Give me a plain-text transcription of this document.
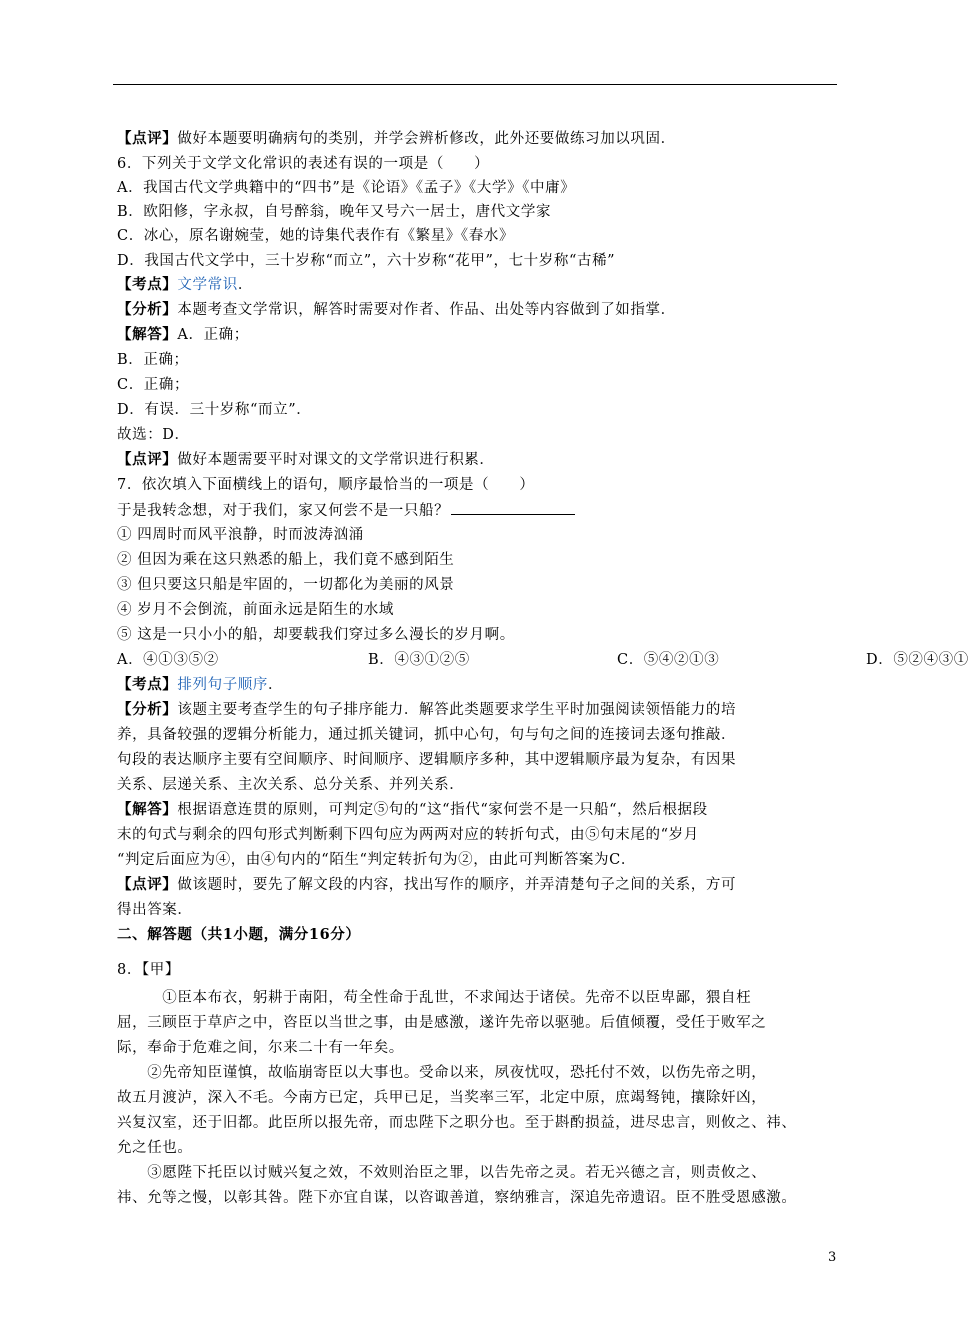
【点评】做好本题要明确病句的类别，并学会辨析修改，此外还要做练习加以巩固．
6．下列关于文学文化常识的表述有误的一项是（　　）
A．我国古代文学典籍中的“四书”是《论语》《孟子》《大学》《中庸》
B．欧阳修，字永叔，自号醉翁，晚年又号六一居士，唐代文学家
C．冰心，原名谢婉莹，她的诗集代表作有《繁星》《春水》
D．我国古代文学中，三十岁称“而立”，六十岁称“花甲”，七十岁称“古稀”
【考点】文学常识．
【分析】本题考查文学常识，解答时需要对作者、作品、出处等内容做到了如指掌．
【解答】A．正确；
B．正确；
C．正确；
D．有误．三十岁称“而立”．
故选：D．
【点评】做好本题需要平时对课文的文学常识进行积累．
7．依次填入下面横线上的语句，顺序最恰当的一项是（　　）
于是我转念想，对于我们，家又何尝不是一只船？
① 四周时而风平浪静，时而波涛汹涌
② 但因为乘在这只熟悉的船上，我们竟不感到陌生
③ 但只要这只船是牢固的，一切都化为美丽的风景
④ 岁月不会倒流，前面永远是陌生的水域
⑤ 这是一只小小的船，却要载我们穿过多么漫长的岁月啊。
A．④①③⑤②	B．④③①②⑤	C．⑤④②①③	D．⑤②④③①
【考点】排列句子顺序．
【分析】该题主要考查学生的句子排序能力．解答此类题要求学生平时加强阅读领悟能力的培
养，具备较强的逻辑分析能力，通过抓关键词，抓中心句，句与句之间的连接词去逐句推敲．
句段的表达顺序主要有空间顺序、时间顺序、逻辑顺序多种，其中逻辑顺序最为复杂，有因果
关系、层递关系、主次关系、总分关系、并列关系．
【解答】根据语意连贯的原则，可判定⑤句的“这“指代“家何尝不是一只船“，然后根据段
末的句式与剩余的四句形式判断剩下四句应为两两对应的转折句式，由⑤句末尾的“岁月
“判定后面应为④，由④句内的“陌生“判定转折句为②，由此可判断答案为C．
【点评】做该题时，要先了解文段的内容，找出写作的顺序，并弄清楚句子之间的关系，方可
得出答案．
二、解答题（共1小题，满分16分）
8．【甲】
　　　①臣本布衣，躬耕于南阳，苟全性命于乱世，不求闻达于诸侯。先帝不以臣卑鄙，猥自枉
屈，三顾臣于草庐之中，咨臣以当世之事，由是感激，遂许先帝以驱驰。后值倾覆，受任于败军之
际，奉命于危难之间，尔来二十有一年矣。
　　②先帝知臣谨慎，故临崩寄臣以大事也。受命以来，夙夜忧叹，恐托付不效，以伤先帝之明，
故五月渡泸，深入不毛。今南方已定，兵甲已足，当奖率三军，北定中原，庶竭驽钝，攘除奸凶，
兴复汉室，还于旧都。此臣所以报先帝，而忠陛下之职分也。至于斟酌损益，进尽忠言，则攸之、祎、
允之任也。
　　③愿陛下托臣以讨贼兴复之效，不效则治臣之罪，以告先帝之灵。若无兴德之言，则责攸之、
祎、允等之慢，以彰其咎。陛下亦宜自谋，以咨诹善道，察纳雅言，深追先帝遗诏。臣不胜受恩感激。
3
